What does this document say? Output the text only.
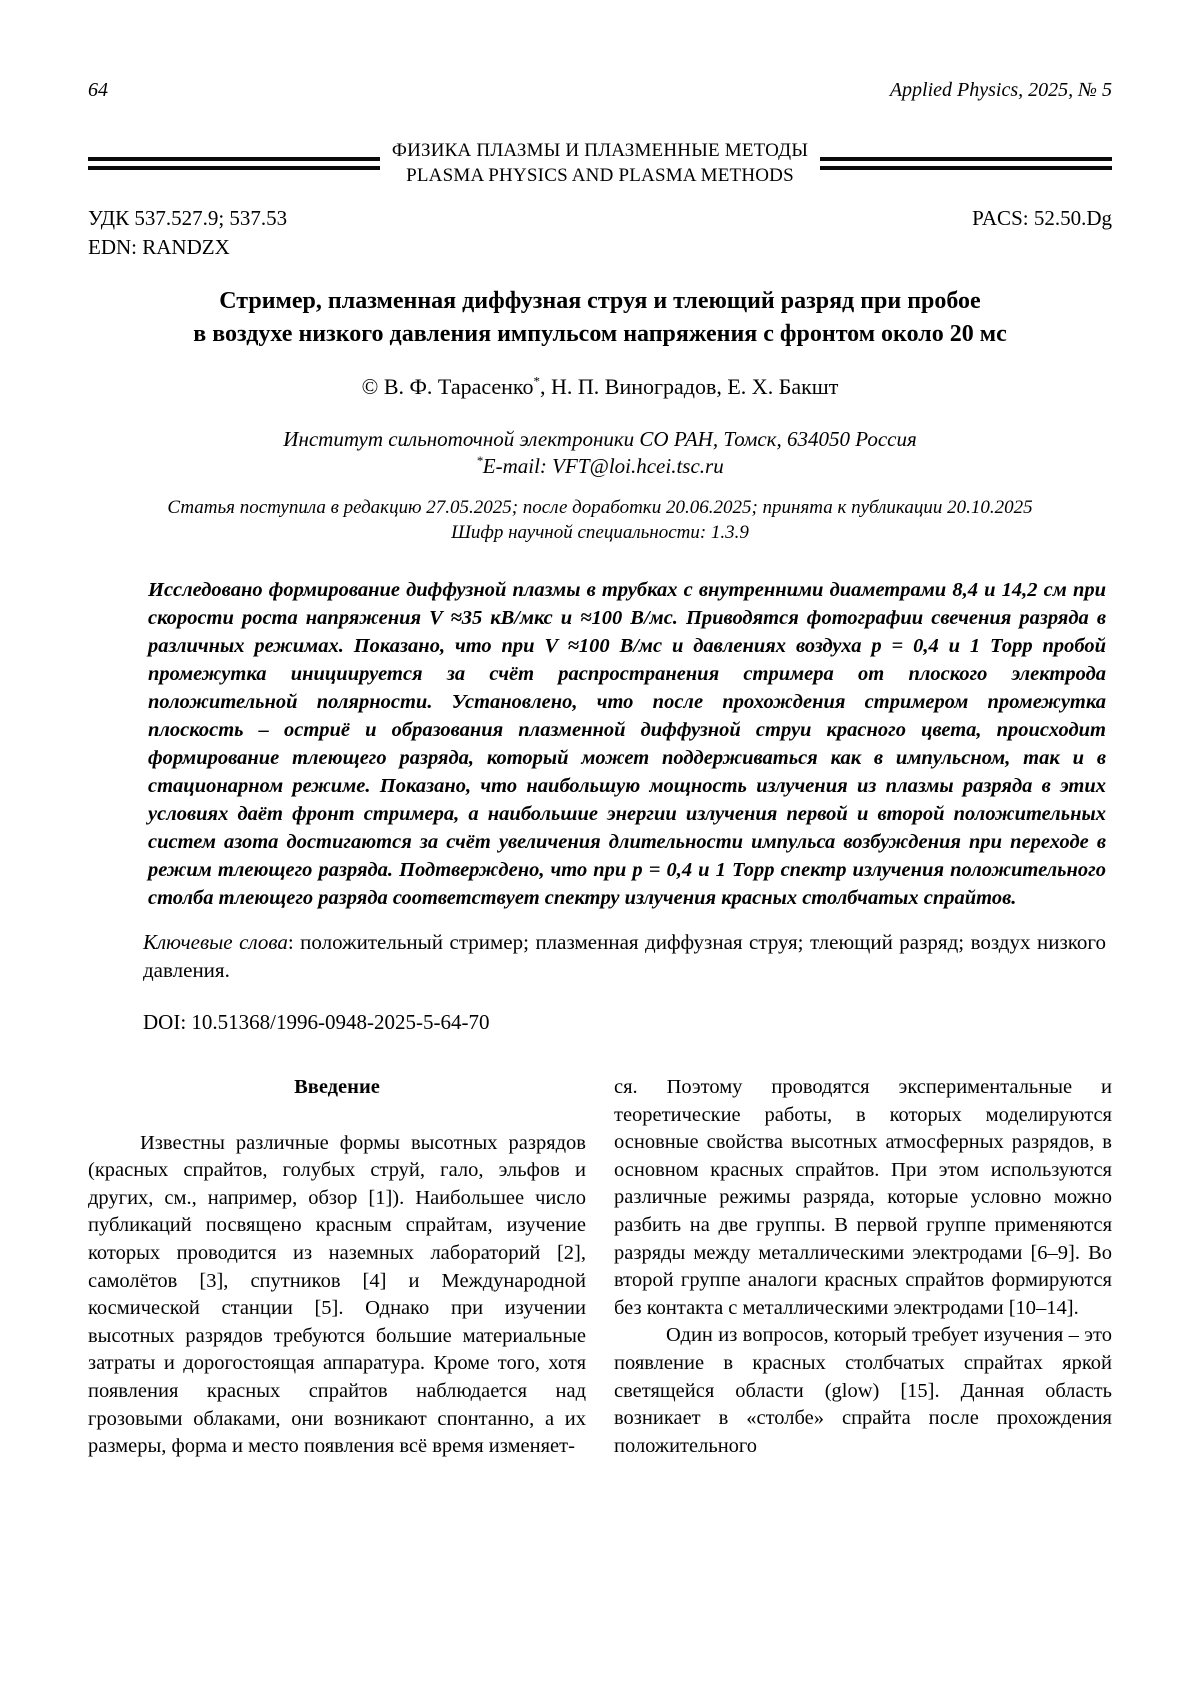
64	Applied Physics, 2025, № 5
ФИЗИКА ПЛАЗМЫ И ПЛАЗМЕННЫЕ МЕТОДЫ
PLASMA PHYSICS AND PLASMA METHODS
УДК 537.527.9; 537.53	PACS: 52.50.Dg
EDN: RANDZX
Стример, плазменная диффузная струя и тлеющий разряд при пробое
в воздухе низкого давления импульсом напряжения с фронтом около 20 мс
© В. Ф. Тарасенко*, Н. П. Виноградов, Е. Х. Бакшт
Институт сильноточной электроники СО РАН, Томск, 634050 Россия
*E-mail: VFT@loi.hcei.tsc.ru
Статья поступила в редакцию 27.05.2025; после доработки 20.06.2025; принята к публикации 20.10.2025
Шифр научной специальности: 1.3.9
Исследовано формирование диффузной плазмы в трубках с внутренними диаметрами 8,4 и 14,2 см при скорости роста напряжения V ≈35 кВ/мкс и ≈100 В/мс. Приводятся фотографии свечения разряда в различных режимах. Показано, что при V ≈100 В/мс и давлениях воздуха p = 0,4 и 1 Торр пробой промежутка инициируется за счёт распространения стримера от плоского электрода положительной полярности. Установлено, что после прохождения стримером промежутка плоскость – остриё и образования плазменной диффузной струи красного цвета, происходит формирование тлеющего разряда, который может поддерживаться как в импульсном, так и в стационарном режиме. Показано, что наибольшую мощность излучения из плазмы разряда в этих условиях даёт фронт стримера, а наибольшие энергии излучения первой и второй положительных систем азота достигаются за счёт увеличения длительности импульса возбуждения при переходе в режим тлеющего разряда. Подтверждено, что при p = 0,4 и 1 Торр спектр излучения положительного столба тлеющего разряда соответствует спектру излучения красных столбчатых спрайтов.
Ключевые слова: положительный стример; плазменная диффузная струя; тлеющий разряд; воздух низкого давления.
DOI: 10.51368/1996-0948-2025-5-64-70
Введение

Известны различные формы высотных разрядов (красных спрайтов, голубых струй, гало, эльфов и других, см., например, обзор [1]). Наибольшее число публикаций посвящено красным спрайтам, изучение которых проводится из наземных лабораторий [2], самолётов [3], спутников [4] и Международной космической станции [5]. Однако при изучении высотных разрядов требуются большие материальные затраты и дорогостоящая аппаратура. Кроме того, хотя появления красных спрайтов наблюдается над грозовыми облаками, они возникают спонтанно, а их размеры, форма и место появления всё время изменяет-

ся. Поэтому проводятся экспериментальные и теоретические работы, в которых моделируются основные свойства высотных атмосферных разрядов, в основном красных спрайтов. При этом используются различные режимы разряда, которые условно можно разбить на две группы. В первой группе применяются разряды между металлическими электродами [6–9]. Во второй группе аналоги красных спрайтов формируются без контакта с металлическими электродами [10–14].

Один из вопросов, который требует изучения – это появление в красных столбчатых спрайтах яркой светящейся области (glow) [15]. Данная область возникает в «столбе» спрайта после прохождения положительного
